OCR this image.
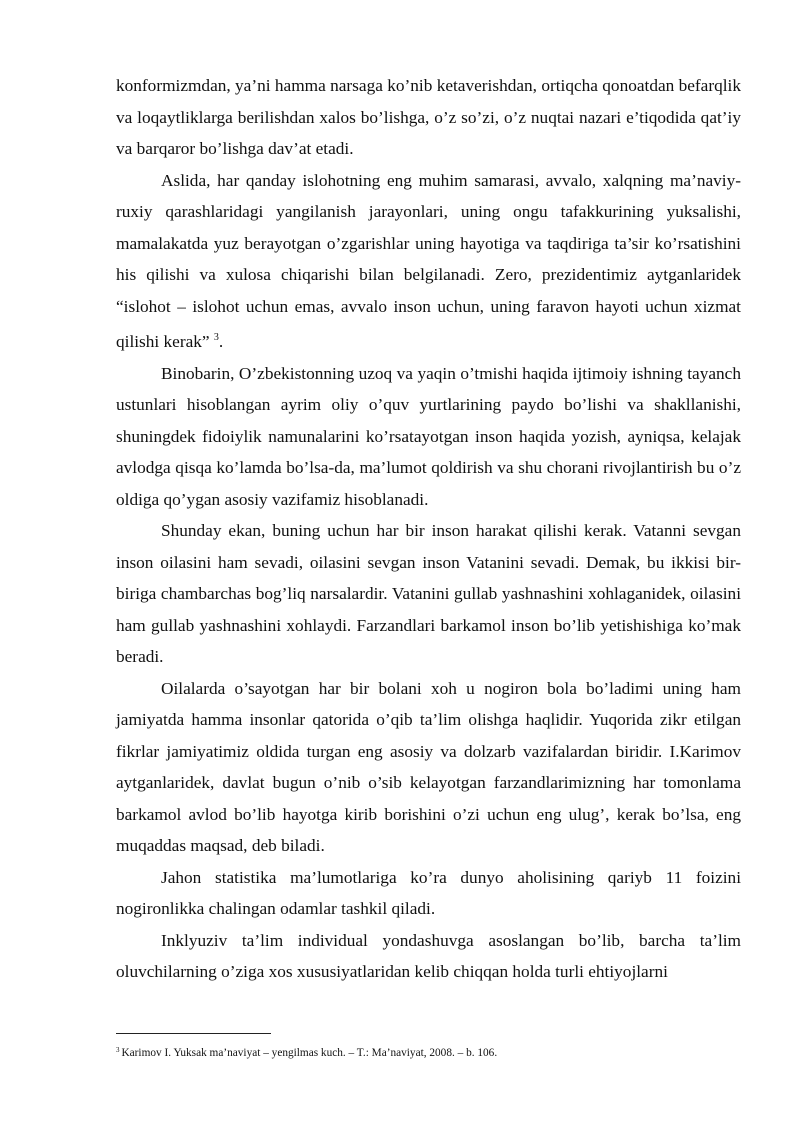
konformizmdan, ya’ni hamma narsaga ko’nib ketaverishdan, ortiqcha qonoatdan befarqlik va loqaytliklarga berilishdan xalos bo’lishga, o’z so’zi, o’z nuqtai nazari e’tiqodida qat’iy va barqaror bo’lishga dav’at etadi.

Aslida, har qanday islohotning eng muhim samarasi, avvalo, xalqning ma’naviy-ruxiy qarashlaridagi yangilanish jarayonlari, uning ongu tafakkurining yuksalishi, mamalakatda yuz berayotgan o’zgarishlar uning hayotiga va taqdiriga ta’sir ko’rsatishini his qilishi va xulosa chiqarishi bilan belgilanadi. Zero, prezidentimiz aytganlaridek “islohot – islohot uchun emas, avvalo inson uchun, uning faravon hayoti uchun xizmat qilishi kerak” $^3$.

Binobarin, O’zbekistonning uzoq va yaqin o’tmishi haqida ijtimoiy ishning tayanch ustunlari hisoblangan ayrim oliy o’quv yurtlarining paydo bo’lishi va shakllanishi, shuningdek fidoiylik namunalarini ko’rsatayotgan inson haqida yozish, ayniqsa, kelajak avlodga qisqa ko’lamda bo’lsa-da, ma’lumot qoldirish va shu chorani rivojlantirish bu o’z oldiga qo’ygan asosiy vazifamiz hisoblanadi.

Shunday ekan, buning uchun har bir inson harakat qilishi kerak. Vatanni sevgan inson oilasini ham sevadi, oilasini sevgan inson Vatanini sevadi. Demak, bu ikkisi bir-biriga chambarchas bog’liq narsalardir. Vatanini gullab yashnashini xohlaganidek, oilasini ham gullab yashnashini xohlaydi. Farzandlari barkamol inson bo’lib yetishishiga ko’mak beradi.

Oilalarda o’sayotgan har bir bolani xoh u nogiron bola bo’ladimi uning ham jamiyatda hamma insonlar qatorida o’qib ta’lim olishga haqlidir. Yuqorida zikr etilgan fikrlar jamiyatimiz oldida turgan eng asosiy va dolzarb vazifalardan biridir. I.Karimov aytganlaridek, davlat bugun o’nib o’sib kelayotgan farzandlarimizning har tomonlama barkamol avlod bo’lib hayotga kirib borishini o’zi uchun eng ulug’, kerak bo’lsa, eng muqaddas maqsad, deb biladi.

Jahon statistika ma’lumotlariga ko’ra dunyo aholisining qariyb 11 foizini nogironlikka chalingan odamlar tashkil qiladi.

Inklyuziv ta’lim individual yondashuvga asoslangan bo’lib, barcha ta’lim oluvchilarning o’ziga xos xususiyatlaridan kelib chiqqan holda turli ehtiyojlarni

$^3$ Karimov I. Yuksak ma’naviyat – yengilmas kuch. – T.: Ma’naviyat, 2008. – b. 106.
